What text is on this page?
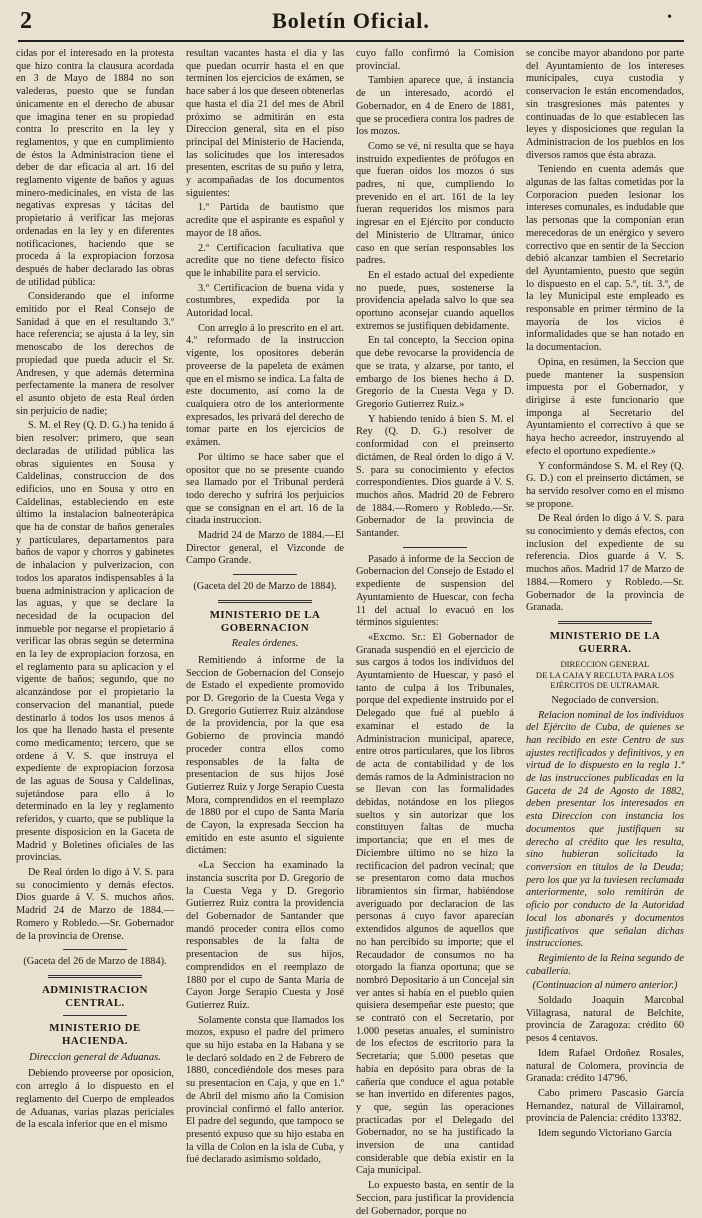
2	Boletín Oficial.	•

cidas por el interesado en la protesta que hizo contra la clausura acordada en 3 de Mayo de 1884 no son valederas, puesto que se fundan únicamente en el derecho de abusar que imagina tener en su propiedad contra lo prescrito en la ley y reglamentos, y que en cumplimiento de éstos la Administracion tiene el deber de dar eficacia al art. 16 del reglamento vigente de baños y aguas minero-medicinales, en vista de las negativas expresas y tácitas del propietario á verificar las mejoras ordenadas en la ley y en diferentes notificaciones, haciendo que se proceda á la expropiacion forzosa después de haber declarado las obras de utilidad pública:

Considerando que el informe emitido por el Real Consejo de Sanidad á que en el resultando 3.º hace referencia; se ajusta á la ley, sin menoscabo de los derechos de propiedad que pueda aducir el Sr. Andresen, y que además determina perfectamente la manera de resolver el asunto objeto de esta Real órden sin perjuicio de nadie;

S. M. el Rey (Q. D. G.) ha tenido á bien resolver: primero, que sean declaradas de utilidad pública las obras siguientes en Sousa y Caldelinas, construccion de dos edificios, uno en Sousa y otro en Caldelinas, estableciendo en este último la instalacion balneoterápica que ha de constar de baños generales y particulares, departamentos para baños de vapor y chorros y gabinetes de inhalacion y pulverizacion, con todos los aparatos indispensables á la buena administracion y aplicacion de las aguas, y que se declare la necesidad de la ocupacion del inmueble por negarse el propietario á verificar las obras según se determina en la ley de expropiacion forzosa, en el reglamento para su aplicacion y el vigente de baños; segundo, que no alcanzándose por el propietario la conservacion del manantial, puede destinarlo á todos los usos menos á los que ha llenado hasta el presente como medicamento; tercero, que se ordene á V. S. que instruya el expediente de expropiacion forzosa de las aguas de Sousa y Caldelinas, sujetándose para ello á lo determinado en la ley y reglamento referidos, y cuarto, que se publique la presente disposicion en la Gaceta de Madrid y Boletines oficiales de las provincias.

De Real órden lo digo á V. S. para su conocimiento y demás efectos. Dios guarde á V. S. muchos años. Madrid 24 de Marzo de 1884.—Romero y Robledo.—Sr. Gobernador de la provincia de Orense.

(Gaceta del 26 de Marzo de 1884).

ADMINISTRACION CENTRAL.
MINISTERIO DE HACIENDA.
Direccion general de Aduanas.

Debiendo proveerse por oposicion, con arreglo á lo dispuesto en el reglamento del Cuerpo de empleados de Aduanas, varias plazas periciales de la escala inferior que en el mismo

resultan vacantes hasta el dia y las que puedan ocurrir hasta el en que terminen los ejercicios de exámen, se hace saber á los que deseen obtenerlas que hasta el dia 21 del mes de Abril próximo se admitirán en esta Direccion general, sita en el piso principal del Ministerio de Hacienda, las solicitudes que los interesados presenten, escritas de su puño y letra, y acompañadas de los documentos siguientes:

1.º Partida de bautismo que acredite que el aspirante es español y mayor de 18 años.

2.º Certificacion facultativa que acredite que no tiene defecto físico que le inhabilite para el servicio.

3.º Certificacion de buena vida y costumbres, expedida por la Autoridad local.

Con arreglo á lo prescrito en el art. 4.º reformado de la instruccion vigente, los opositores deberán proveerse de la papeleta de exámen que en el mismo se indica. La falta de este documento, así como la de cualquiera otro de los anteriormente expresados, les privará del derecho de tomar parte en los ejercicios de exámen.

Por último se hace saber que el opositor que no se presente cuando sea llamado por el Tribunal perderá todo derecho y sufrirá los perjuicios que se consignan en el art. 16 de la citada instruccion.

Madrid 24 de Marzo de 1884.—El Director general, el Vizconde de Campo Grande.

(Gaceta del 20 de Marzo de 1884).

MINISTERIO DE LA GOBERNACION
Reales órdenes.

Remitiendo á informe de la Seccion de Gobernacion del Consejo de Estado el expediente promovido por D. Gregorio de la Cuesta Vega y D. Gregorio Gutierrez Ruiz alzándose de la providencia, por la que esa Gobierno de provincia mandó proceder contra ellos como responsables de la falta de presentacion de sus hijos José Gutierrez Ruiz y Jorge Serapio Cuesta Mora, comprendidos en el reemplazo de 1880 por el cupo de Santa María de Cayon, la expresada Seccion ha emitido en este asunto el siguiente dictámen:

«La Seccion ha examinado la instancia suscrita por D. Gregorio de la Cuesta Vega y D. Gregorio Gutierrez Ruiz contra la providencia del Gobernador de Santander que mandó proceder contra ellos como responsables de la falta de presentacion de sus hijos, comprendidos en el reemplazo de 1880 por el cupo de Santa María de Cayon Jorge Serapio Cuesta y José Gutierrez Ruiz.

Solamente consta que llamados los mozos, expuso el padre del primero que su hijo estaba en la Habana y se le declaró soldado en 2 de Febrero de 1880, concediéndole dos meses para su presentacion en Caja, y que en 1.º de Abril del mismo año la Comision provincial confirmó el fallo anterior. El padre del segundo, que tampoco se presentó expuso que su hijo estaba en la villa de Colon en la isla de Cuba, y fué declarado asimismo soldado,

cuyo fallo confirmó la Comision provincial.

Tambien aparece que, á instancia de un interesado, acordó el Gobernador, en 4 de Enero de 1881, que se procediera contra los padres de los mozos.

Como se vé, ni resulta que se haya instruido expedientes de prófugos en que fueran oídos los mozos ó sus padres, ni que, cumpliendo lo prevenido en el art. 161 de la ley fueran requeridos los mismos para ingresar en el Ejército por conducto del Ministerio de Ultramar, único caso en que serían responsables los padres.

En el estado actual del expediente no puede, pues, sostenerse la providencia apelada salvo lo que sea oportuno aconsejar cuando aquellos extremos se justifiquen debidamente.

En tal concepto, la Seccion opina que debe revocarse la providencia de que se trata, y alzarse, por tanto, el embargo de los bienes hecho á D. Gregorio de la Cuesta Vega y D. Gregorio Gutierrez Ruiz.»

Y habiendo tenido á bien S. M. el Rey (Q. D. G.) resolver de conformidad con el preinserto dictámen, de Real órden lo digo á V. S. para su conocimiento y efectos correspondientes. Dios guarde á V. S. muchos años. Madrid 20 de Febrero de 1884.—Romero y Robledo.—Sr. Gobernador de la provincia de Santander.

Pasado á informe de la Seccion de Gobernacion del Consejo de Estado el expediente de suspension del Ayuntamiento de Huescar, con fecha 11 del actual lo evacuó en los términos siguientes:

«Excmo. Sr.: El Gobernador de Granada suspendió en el ejercicio de sus cargos á todos los individuos del Ayuntamiento de Huescar, y pasó el tanto de culpa á los Tribunales, porque del expediente instruido por el Delegado que fué al pueblo á examinar el estado de la Administracion municipal, aparece, entre otros particulares, que los libros de acta de contabilidad y de los demás ramos de la Administracion no se llevan con las formalidades debidas, notándose en los pliegos sueltos y sin autorizar que los constituyen faltas de mucha importancia; que en el mes de Diciembre último no se hizo la rectificacion del padron vecinal; que se presentaron como data muchos libramientos sin firmar, habiéndose averiguado por declaracion de las personas á cuyo favor aparecían extendidos algunos de aquellos que no han percibido su importe; que el Recaudador de consumos no ha otorgado la fianza oportuna; que se nombró Depositario á un Concejal sin ver antes si había en el pueblo quien quisiera desempeñar este puesto; que se contrató con el Secretario, por 1.000 pesetas anuales, el suministro de los efectos de escritorio para la Secretaría; que 5.000 pesetas que había en depósito para obras de la cañería que conduce el agua potable se han invertido en diferentes pagos, y que, según las operaciones practicadas por el Delegado del Gobernador, no se ha justificado la inversion de una cantidad considerable que debía existir en la Caja municipal.

Lo expuesto basta, en sentir de la Seccion, para justificar la providencia del Gobernador, porque no

se concibe mayor abandono por parte del Ayuntamiento de los intereses municipales, cuya custodia y conservacion le están encomendados, sin trasgresiones más patentes y continuadas de lo que establecen las leyes y disposiciones que regulan la Administracion de los pueblos en los diversos ramos que ésta abraza.

Teniendo en cuenta además que algunas de las faltas cometidas por la Corporacion pueden lesionar los intereses comunales, es indudable que las personas que la componían eran merecedoras de un enérgico y severo correctivo que en sentir de la Seccion debió alcanzar tambien el Secretario del Ayuntamiento, puesto que según lo dispuesto en el cap. 5.º, tít. 3.º, de la ley Municipal este empleado es responsable en primer término de la mayoría de los vicios é informalidades que se han notado en la documentacion.

Opina, en resúmen, la Seccion que puede mantener la suspension impuesta por el Gobernador, y dirigirse á este funcionario que imponga al Secretario del Ayuntamiento el correctivo á que se haya hecho acreedor, instruyendo al efecto el oportuno expediente.»

Y conformándose S. M. el Rey (Q. G. D.) con el preinserto dictámen, se ha servido resolver como en el mismo se propone.

De Real órden lo digo á V. S. para su conocimiento y demás efectos, con inclusion del expediente de su referencia. Dios guarde á V. S. muchos años. Madrid 17 de Marzo de 1884.—Romero y Robledo.—Sr. Gobernador de la provincia de Granada.

MINISTERIO DE LA GUERRA.
DIRECCION GENERAL
DE LA CAJA Y RECLUTA PARA LOS
EJÉRCITOS DE ULTRAMAR.

Negociado de conversion.

Relacion nominal de los individuos del Ejército de Cuba, de quienes se han recibido en este Centro de sus ajustes rectificados y definitivos, y en virtud de lo dispuesto en la regla 1.ª de las instrucciones publicadas en la Gaceta de 24 de Agosto de 1882, deben presentar los interesados en esta Direccion con instancia los documentos que justifiquen su derecho al crédito que les resulta, sino hubieran solicitado la conversion en títulos de la Deuda; pero los que ya la tuviesen reclamada anteriormente, solo remitirán de oficio por conducto de la Autoridad local los abonarés y documentos justificativos que señalan dichas instrucciones.

Regimiento de la Reina segundo de caballería.

(Continuacion al número anterior.)

Soldado Joaquin Marcobal Villagrasa, natural de Belchite, provincia de Zaragoza: crédito 60 pesos 4 centavos.

Idem Rafael Ordoñez Rosales, natural de Colomera, provincia de Granada: crédito 147'96.

Cabo primero Pascasio García Hernandez, natural de Villairamol, provincia de Palencia: crédito 133'82.

Idem segundo Victoriano García
